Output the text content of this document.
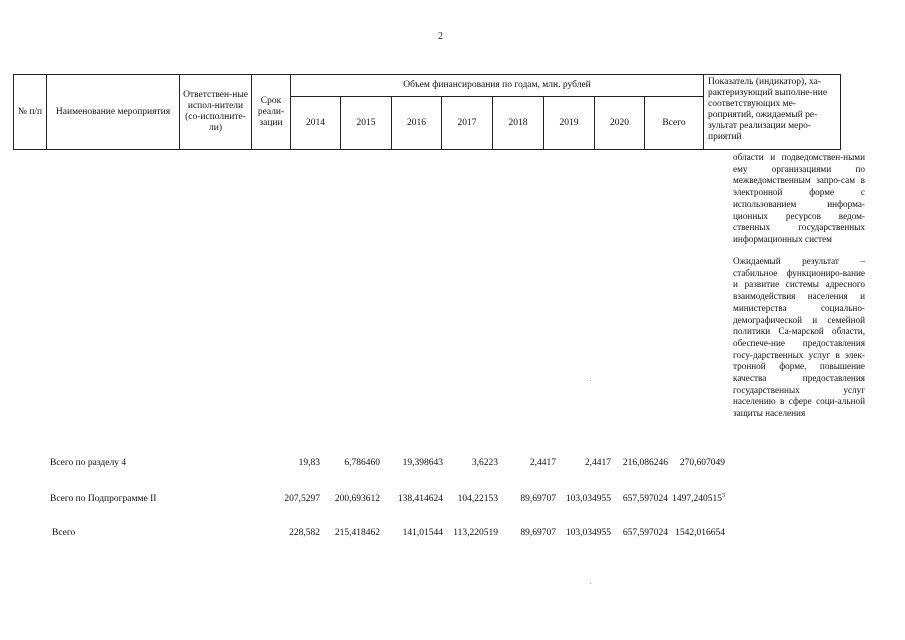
2
№ п/п	Наименование мероприятия	Ответствен-ные испол-нители (со-исполните-ли)	Срок реали-зации	Объем финансирования по годам, млн. рублей								Показатель (индикатор), ха-рактеризующий выполне-ние соответствующих ме-роприятий, ожидаемый ре-зультат реализации меро-приятий
				2014	2015	2016	2017	2018	2019	2020	Всего	
области и подведомствен-ными ему организациями по межведомственным запро-сам в электронной форме с использованием информа-ционных ресурсов ведом-ственных государственных информационных систем
Ожидаемый результат – стабильное функциониро-вание и развитие системы адресного взаимодействия населения и министерства социально-демографической и семейной политики Са-марской области, обеспече-ние предоставления госу-дарственных услуг в элек-тронной форме, повышение качества предоставления государственных услуг населению в сфере соци-альной защиты населения
Всего по разделу 4	19,83	6,786460	19,398643	3,6223	2,4417	2,4417	216,086246	270,607049
Всего по Подпрограмме II	207,5297	200,693612	138,414624	104,22153	89,69707	103,034955	657,597024 1497,240515$^3$
Всего	228,582	215,418462	141,01544	113,220519	89,69707	103,034955	657,597024 1542,016654
